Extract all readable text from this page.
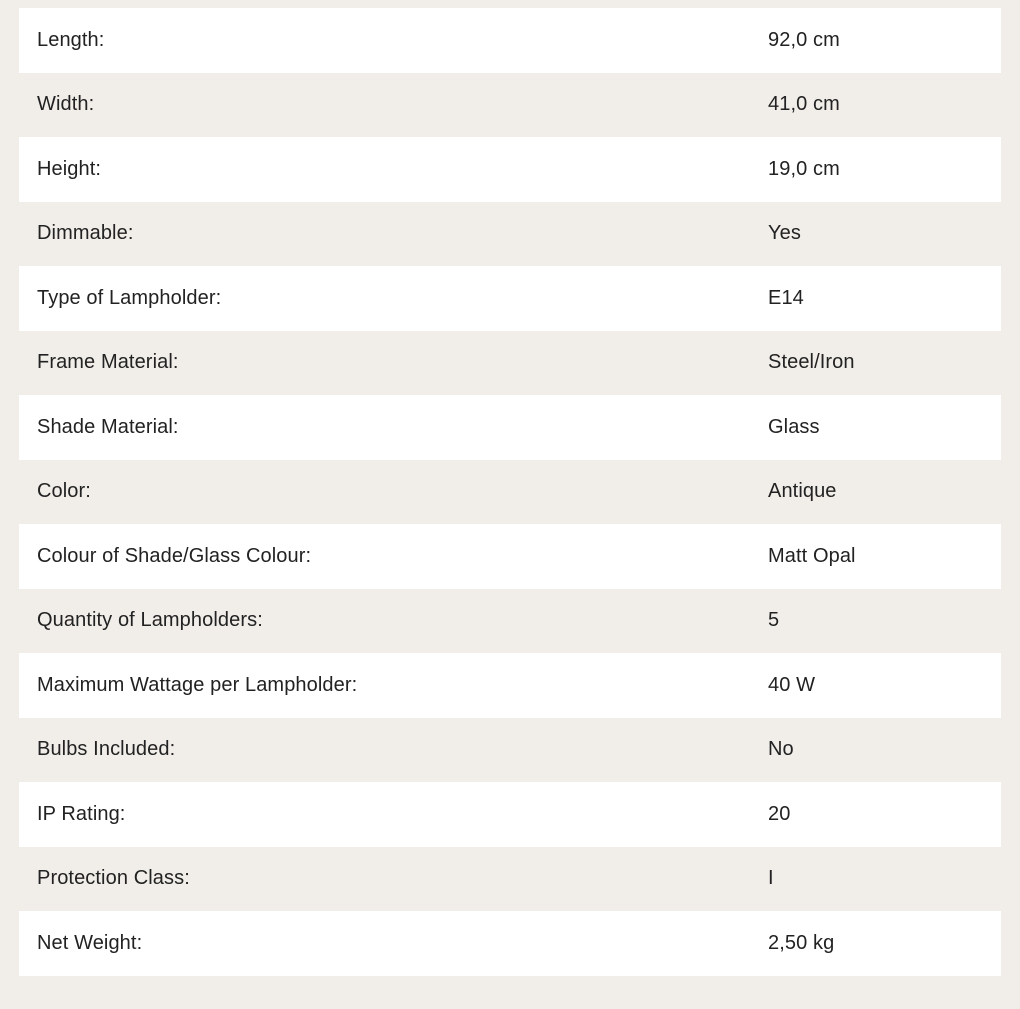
Length:	92,0 cm
Width:	41,0 cm
Height:	19,0 cm
Dimmable:	Yes
Type of Lampholder:	E14
Frame Material:	Steel/Iron
Shade Material:	Glass
Color:	Antique
Colour of Shade/Glass Colour:	Matt Opal
Quantity of Lampholders:	5
Maximum Wattage per Lampholder:	40 W
Bulbs Included:	No
IP Rating:	20
Protection Class:	I
Net Weight:	2,50 kg
